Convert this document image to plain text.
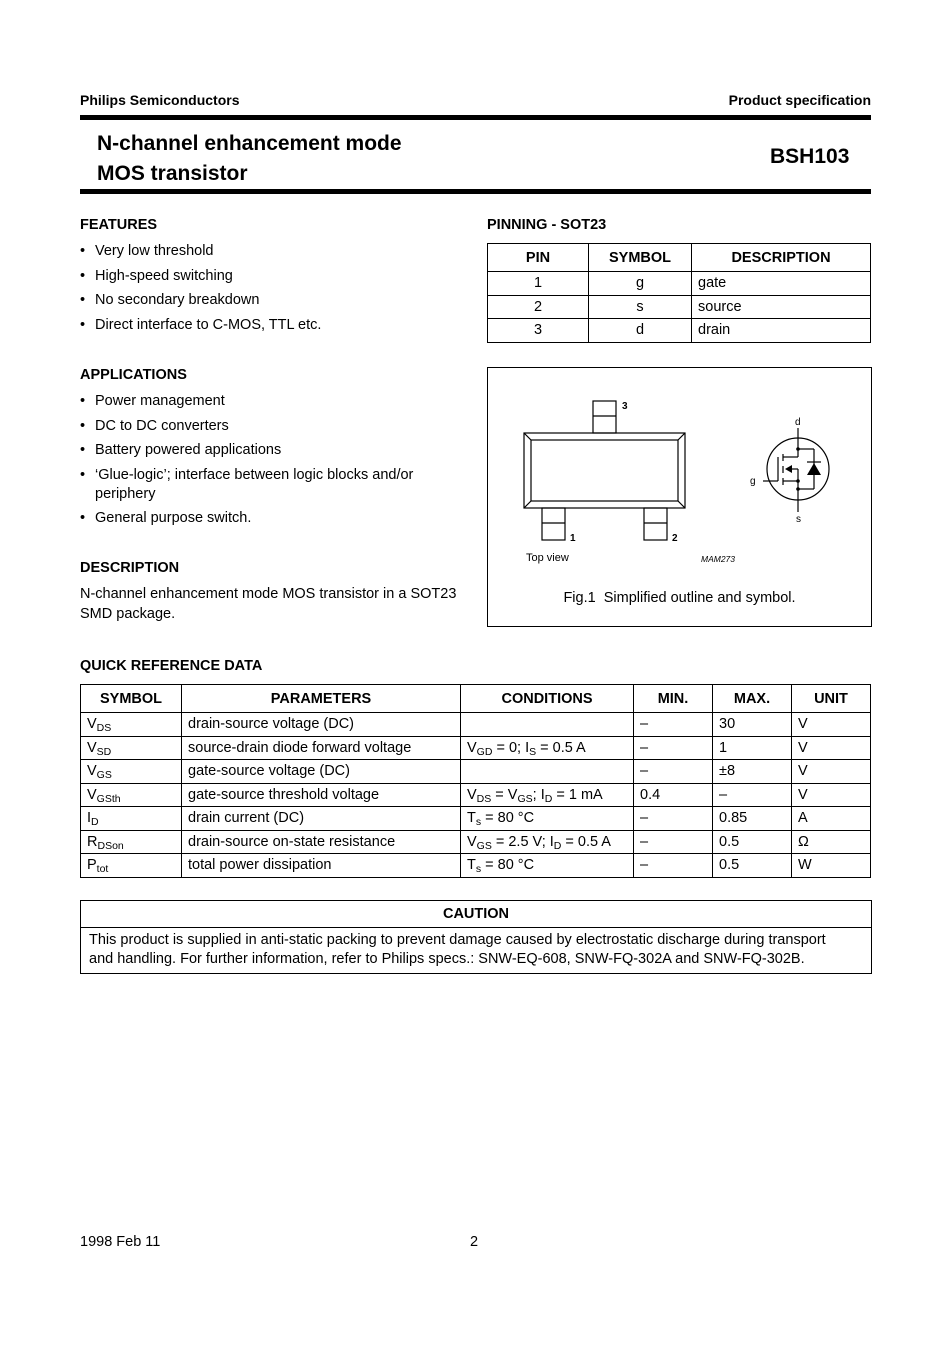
Philips Semiconductors	Product specification
N-channel enhancement mode
MOS transistor
BSH103
FEATURES
• Very low threshold
• High-speed switching
• No secondary breakdown
• Direct interface to C-MOS, TTL etc.
APPLICATIONS
• Power management
• DC to DC converters
• Battery powered applications
• ‘Glue-logic’; interface between logic blocks and/or periphery
• General purpose switch.
DESCRIPTION
N-channel enhancement mode MOS transistor in a SOT23
SMD package.
PINNING - SOT23
PIN	SYMBOL	DESCRIPTION
1	g	gate
2	s	source
3	d	drain
3
1	2
Top view	MAM273
d
g
s
Fig.1  Simplified outline and symbol.
QUICK REFERENCE DATA
SYMBOL	PARAMETERS	CONDITIONS	MIN.	MAX.	UNIT
$V_{DS}$	drain-source voltage (DC)		–	30	V
$V_{SD}$	source-drain diode forward voltage	$V_{GD} = 0$; $I_S = 0.5$ A	–	1	V
$V_{GS}$	gate-source voltage (DC)		–	±8	V
$V_{GSth}$	gate-source threshold voltage	$V_{DS} = V_{GS}$; $I_D = 1$ mA	0.4	–	V
$I_D$	drain current (DC)	$T_s = 80$ °C	–	0.85	A
$R_{DSon}$	drain-source on-state resistance	$V_{GS} = 2.5$ V; $I_D = 0.5$ A	–	0.5	Ω
$P_{tot}$	total power dissipation	$T_s = 80$ °C	–	0.5	W
CAUTION
This product is supplied in anti-static packing to prevent damage caused by electrostatic discharge during transport
and handling. For further information, refer to Philips specs.: SNW-EQ-608, SNW-FQ-302A and SNW-FQ-302B.
1998 Feb 11	2
